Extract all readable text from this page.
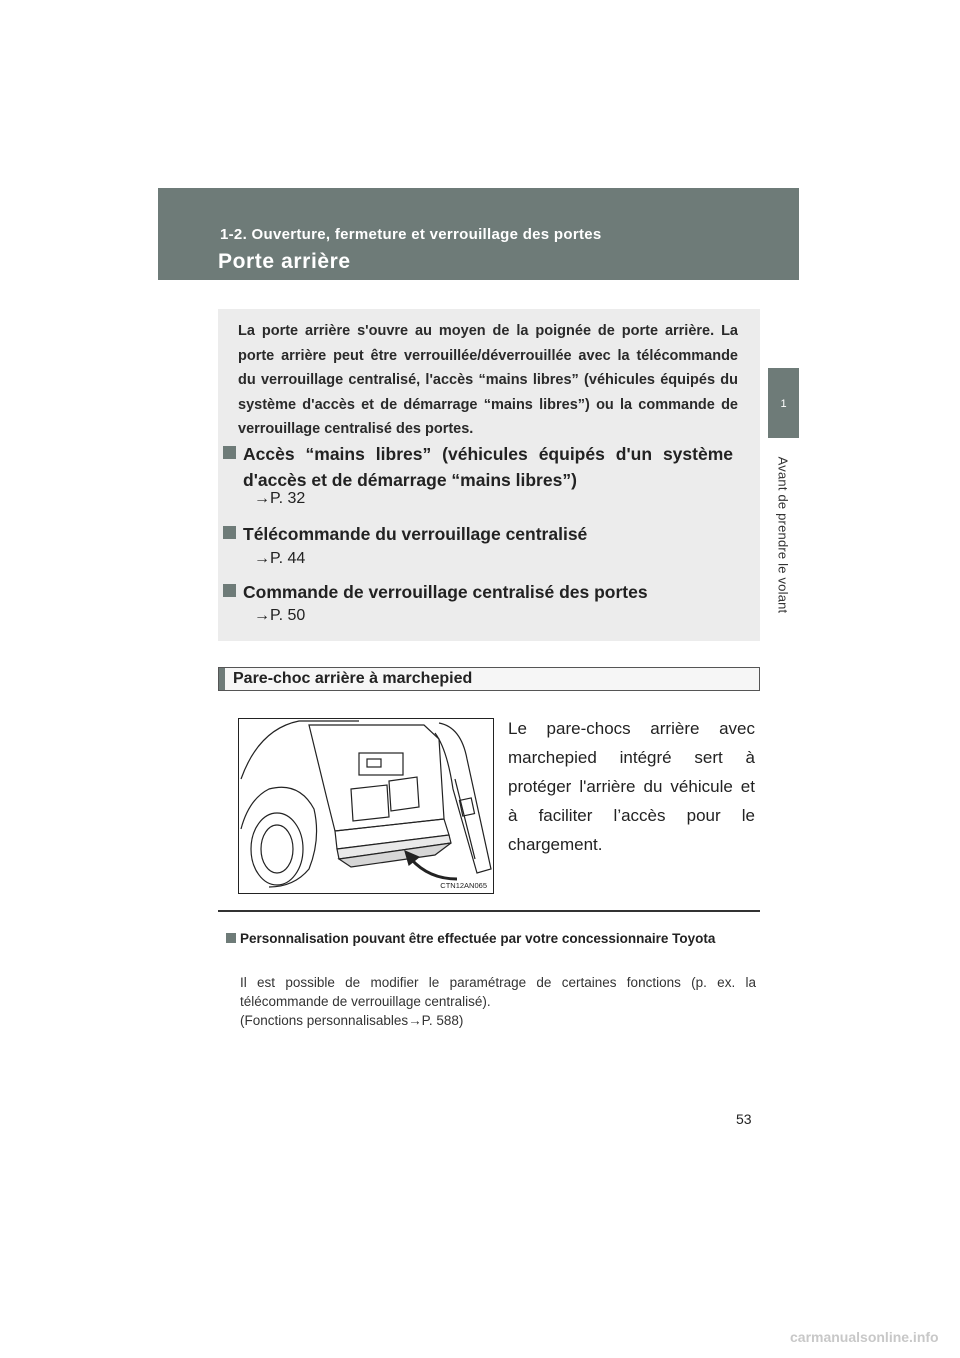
1-2. Ouverture, fermeture et verrouillage des portes
Porte arrière
1
Avant de prendre le volant
La porte arrière s'ouvre au moyen de la poignée de porte arrière. La porte arrière peut être verrouillée/déverrouillée avec la télécommande du verrouillage centralisé, l'accès “mains libres” (véhicules équipés du système d'accès et de démarrage “mains libres”) ou la commande de verrouillage centralisé des portes.
Accès “mains libres” (véhicules équipés d'un système d'accès et de démarrage “mains libres”)
→P. 32
Télécommande du verrouillage centralisé
→P. 44
Commande de verrouillage centralisé des portes
→P. 50
Pare-choc arrière à marchepied
CTN12AN065
Le pare-chocs arrière avec marchepied intégré sert à protéger l'arrière du véhicule et à faciliter l’accès pour le chargement.
Personnalisation pouvant être effectuée par votre concessionnaire Toyota
Il est possible de modifier le paramétrage de certaines fonctions (p. ex. la télécommande de verrouillage centralisé).
(Fonctions personnalisables→P. 588)
53
carmanualsonline.info
